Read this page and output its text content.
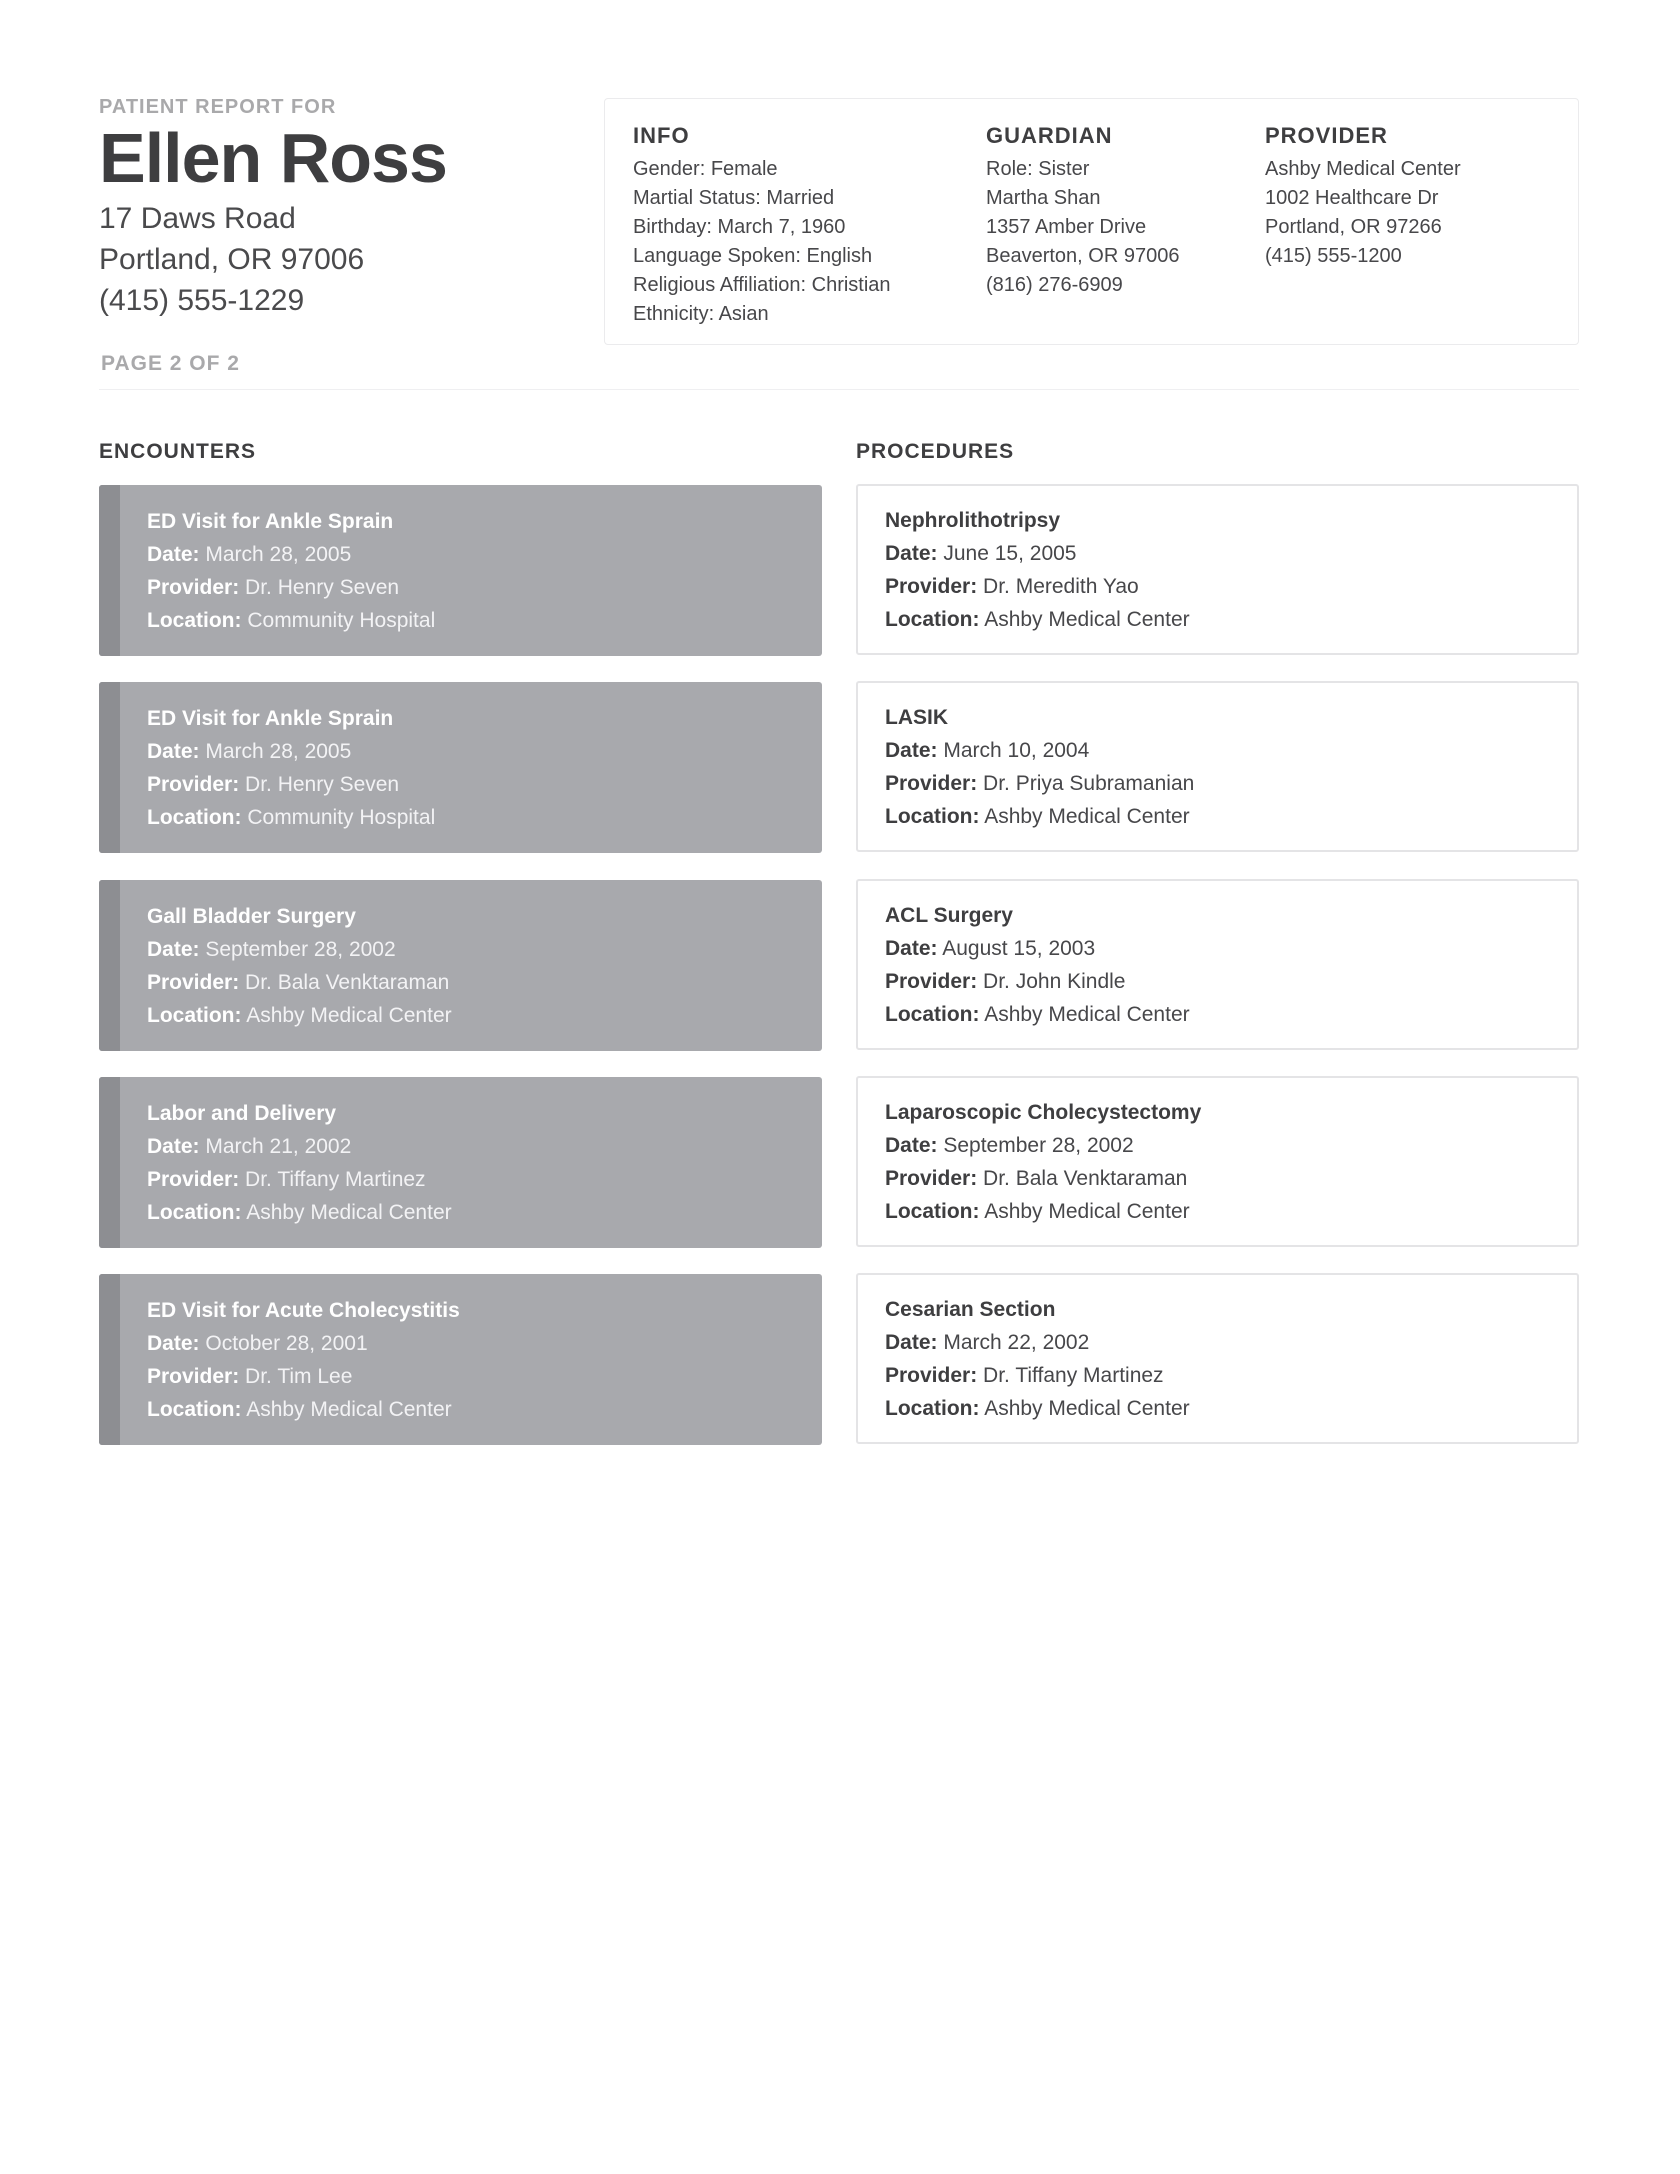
PATIENT REPORT FOR
Ellen Ross
17 Daws Road
Portland, OR 97006
(415) 555-1229
PAGE 2 OF 2
INFO
Gender: Female
Martial Status: Married
Birthday: March 7, 1960
Language Spoken: English
Religious Affiliation: Christian
Ethnicity: Asian
GUARDIAN
Role: Sister
Martha Shan
1357 Amber Drive
Beaverton, OR 97006
(816) 276-6909
PROVIDER
Ashby Medical Center
1002 Healthcare Dr
Portland, OR 97266
(415) 555-1200
ENCOUNTERS	PROCEDURES
ED Visit for Ankle Sprain
Date: March 28, 2005
Provider: Dr. Henry Seven
Location: Community Hospital
ED Visit for Ankle Sprain
Date: March 28, 2005
Provider: Dr. Henry Seven
Location: Community Hospital
Gall Bladder Surgery
Date: September 28, 2002
Provider: Dr. Bala Venktaraman
Location: Ashby Medical Center
Labor and Delivery
Date: March 21, 2002
Provider: Dr. Tiffany Martinez
Location: Ashby Medical Center
ED Visit for Acute Cholecystitis
Date: October 28, 2001
Provider: Dr. Tim Lee
Location: Ashby Medical Center
Nephrolithotripsy
Date: June 15, 2005
Provider: Dr. Meredith Yao
Location: Ashby Medical Center
LASIK
Date: March 10, 2004
Provider: Dr. Priya Subramanian
Location: Ashby Medical Center
ACL Surgery
Date: August 15, 2003
Provider: Dr. John Kindle
Location: Ashby Medical Center
Laparoscopic Cholecystectomy
Date: September 28, 2002
Provider: Dr. Bala Venktaraman
Location: Ashby Medical Center
Cesarian Section
Date: March 22, 2002
Provider: Dr. Tiffany Martinez
Location: Ashby Medical Center
